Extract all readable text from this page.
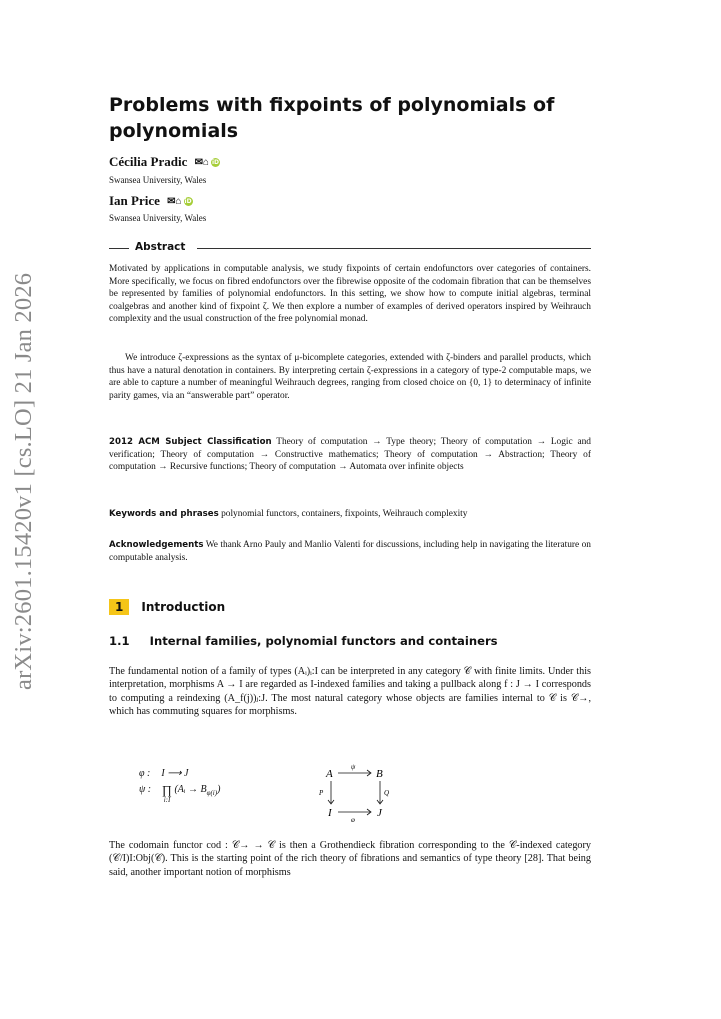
arXiv:2601.15420v1 [cs.LO] 21 Jan 2026
Problems with fixpoints of polynomials of
polynomials
Cécilia Pradic ✉⌂ iD
Swansea University, Wales
Ian Price ✉⌂ iD
Swansea University, Wales
Abstract
Motivated by applications in computable analysis, we study fixpoints of certain endofunctors over categories of containers. More specifically, we focus on fibred endofunctors over the fibrewise opposite of the codomain fibration that can be themselves be represented by families of polynomial endofunctors. In this setting, we show how to compute initial algebras, terminal coalgebras and another kind of fixpoint ζ. We then explore a number of examples of derived operators inspired by Weihrauch complexity and the usual construction of the free polynomial monad.
We introduce ζ-expressions as the syntax of μ-bicomplete categories, extended with ζ-binders and parallel products, which thus have a natural denotation in containers. By interpreting certain ζ-expressions in a category of type-2 computable maps, we are able to capture a number of meaningful Weihrauch degrees, ranging from closed choice on {0, 1} to determinacy of infinite parity games, via an “answerable part” operator.
2012 ACM Subject Classification Theory of computation → Type theory; Theory of computation → Logic and verification; Theory of computation → Constructive mathematics; Theory of computation → Abstraction; Theory of computation → Recursive functions; Theory of computation → Automata over infinite objects
Keywords and phrases polynomial functors, containers, fixpoints, Weihrauch complexity
Acknowledgements We thank Arno Pauly and Manlio Valenti for discussions, including help in navigating the literature on computable analysis.
1 Introduction
1.1 Internal families, polynomial functors and containers
The fundamental notion of a family of types (Aᵢ)ᵢ:I can be interpreted in any category 𝒞 with finite limits. Under this interpretation, morphisms A → I are regarded as I-indexed families and taking a pullback along f : J → I corresponds to computing a reindexing (A_f(j))ⱼ:J. The most natural category whose objects are families internal to 𝒞 is 𝒞→, which has commuting squares for morphisms.
φ : I ⟶ J
ψ : ∏
i:I
(Aᵢ → $B_{\varphi(i)}$)
A	B
I	J
ψ
φ
P	Q
The codomain functor cod : 𝒞→ → 𝒞 is then a Grothendieck fibration corresponding to the 𝒞-indexed category (𝒞/I)I:Obj(𝒞). This is the starting point of the rich theory of fibrations and semantics of type theory [28]. That being said, another important notion of morphisms
